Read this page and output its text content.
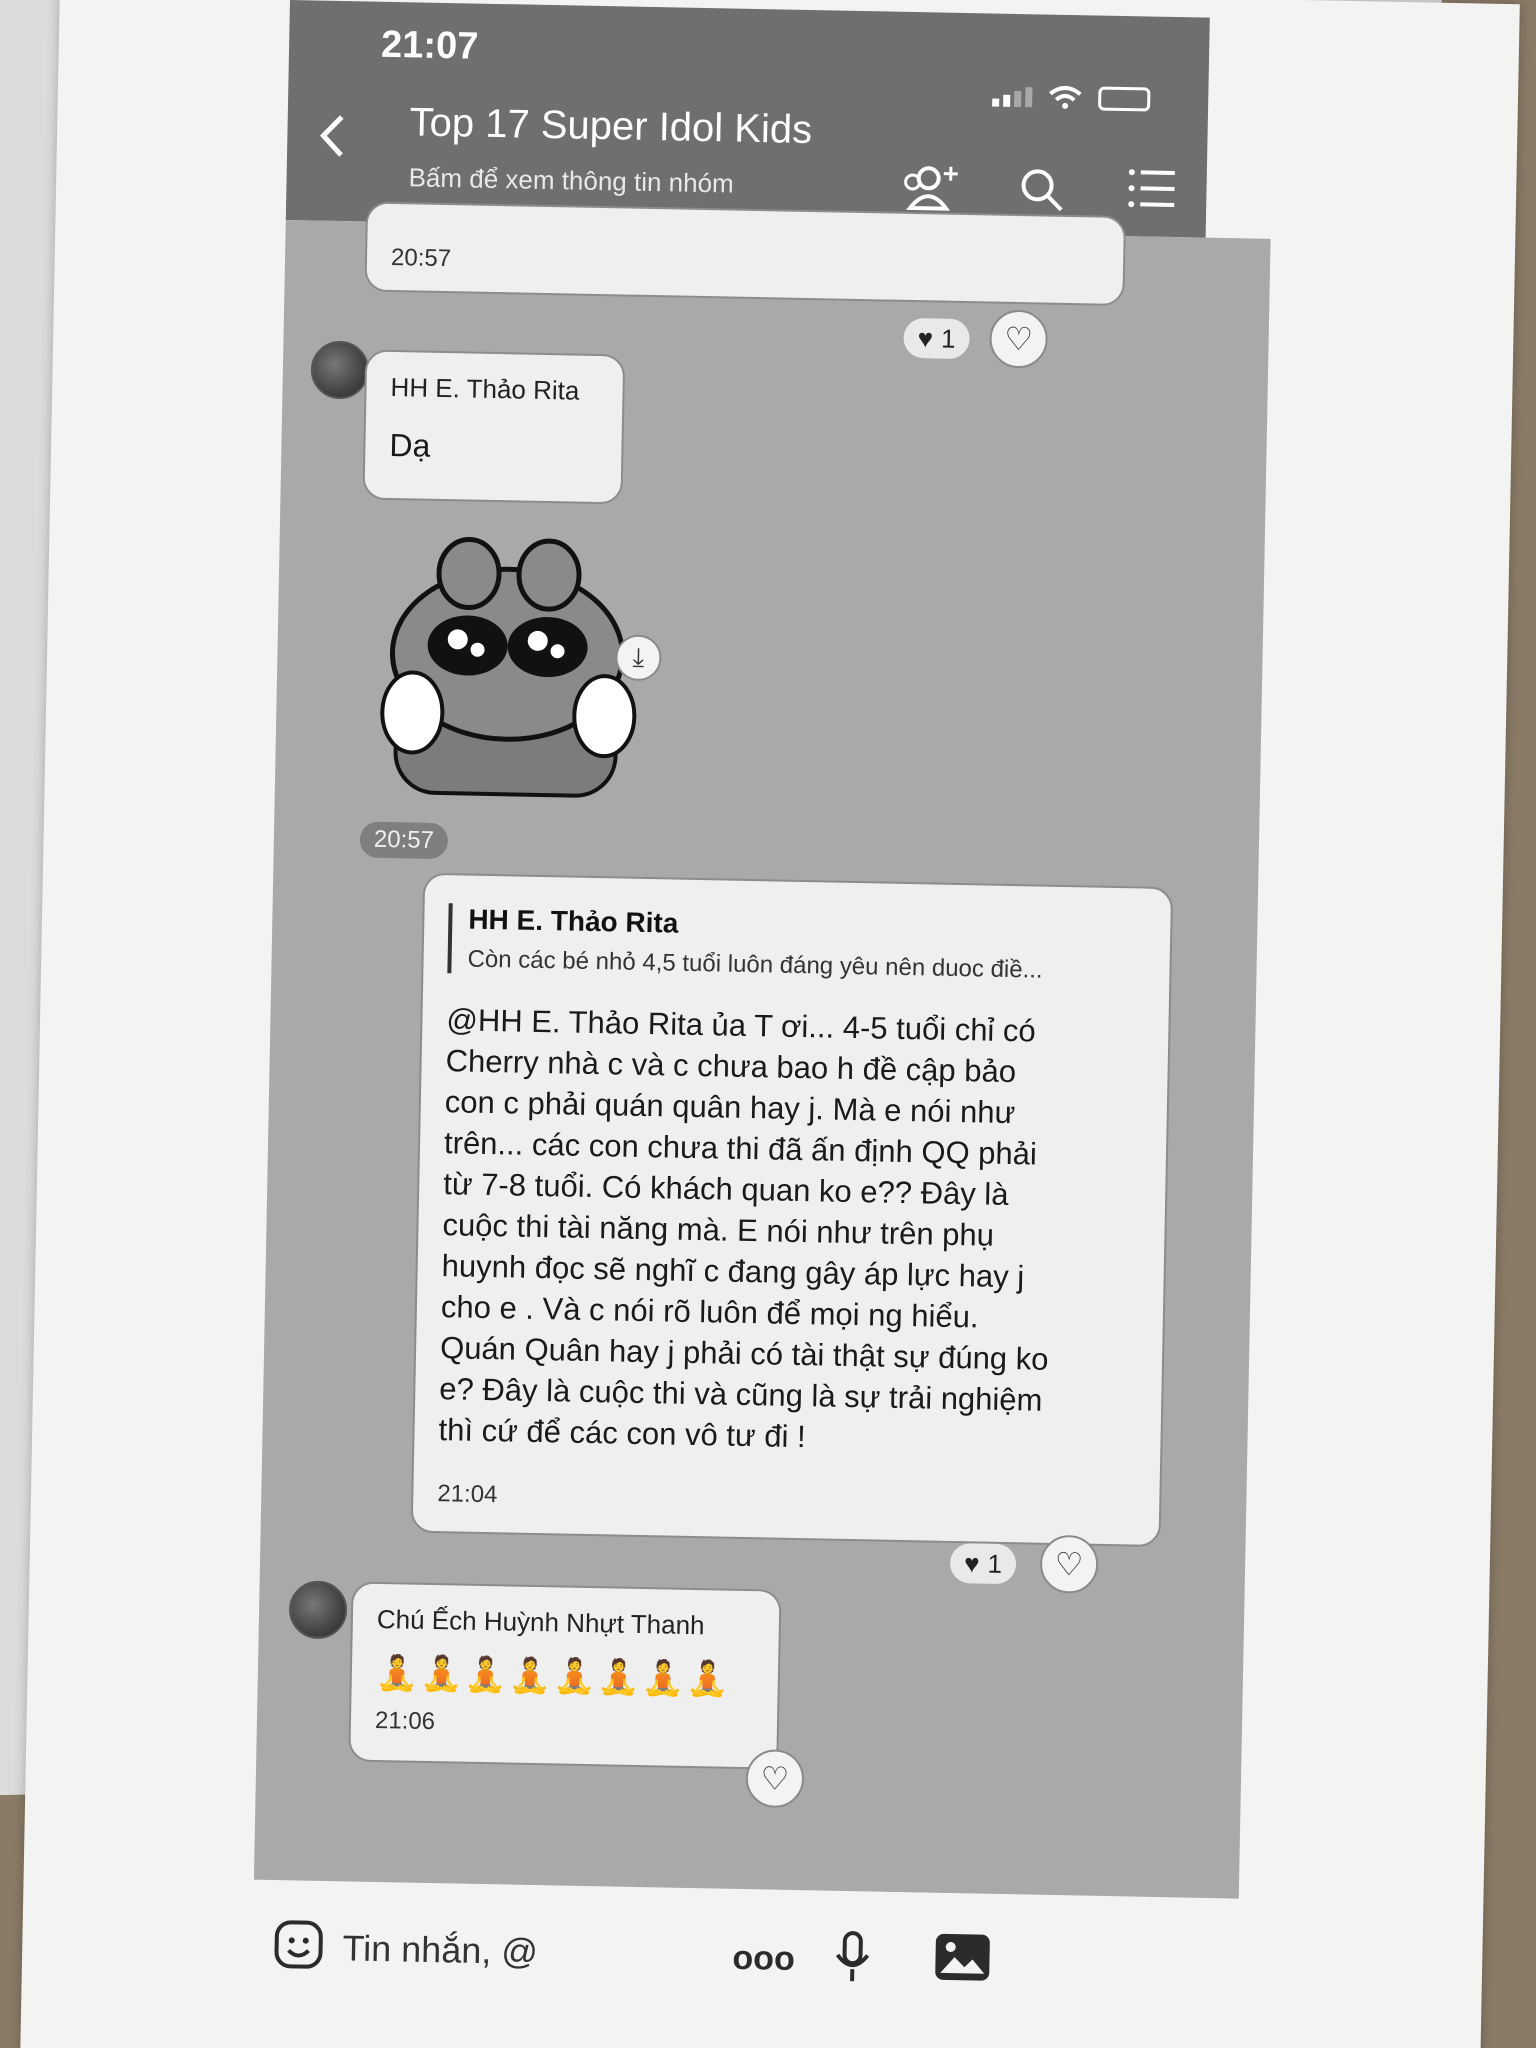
21:07
Top 17 Super Idol Kids
Bấm để xem thông tin nhóm
20:57
♥ 1 ♡
HH E. Thảo Rita
Dạ
⤓
20:57
HH E. Thảo Rita
Còn các bé nhỏ 4,5 tuổi luôn đáng yêu nên duoc điề...
@HH E. Thảo Rita ủa T ơi... 4-5 tuổi chỉ có
Cherry nhà c và c chưa bao h đề cập bảo
con c phải quán quân hay j. Mà e nói như
trên... các con chưa thi đã ấn định QQ phải
từ 7-8 tuổi. Có khách quan ko e?? Đây là
cuộc thi tài năng mà. E nói như trên phụ
huynh đọc sẽ nghĩ c đang gây áp lực hay j
cho e . Và c nói rõ luôn để mọi ng hiểu.
Quán Quân hay j phải có tài thật sự đúng ko
e? Đây là cuộc thi và cũng là sự trải nghiệm
thì cứ để các con vô tư đi !
21:04
♥ 1 ♡
Chú Ếch Huỳnh Nhựt Thanh
🧘🧘🧘🧘🧘🧘🧘🧘
21:06
♡
Tin nhắn, @	ooo
